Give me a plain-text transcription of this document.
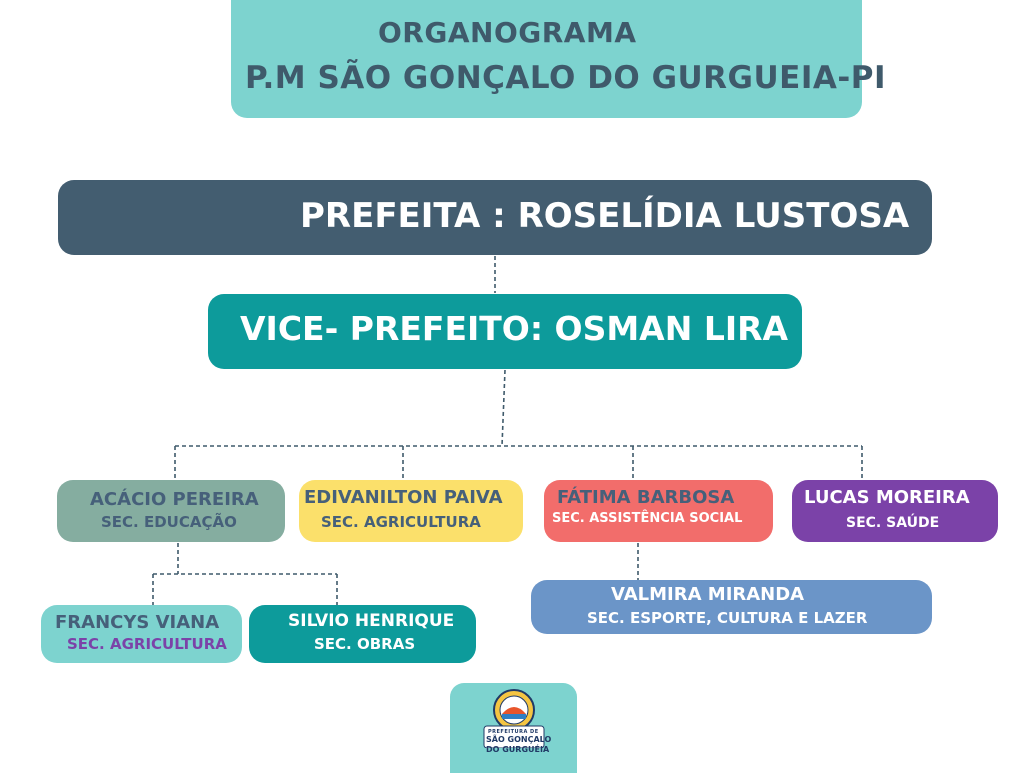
ORGANOGRAMA
P.M SÃO GONÇALO DO GURGUEIA-PI
PREFEITA : ROSELÍDIA LUSTOSA
VICE- PREFEITO: OSMAN LIRA
ACÁCIO PEREIRA
SEC. EDUCAÇÃO
EDIVANILTON PAIVA
SEC. AGRICULTURA
FÁTIMA BARBOSA
SEC. ASSISTÊNCIA SOCIAL
LUCAS MOREIRA
SEC. SAÚDE
FRANCYS VIANA
SEC. AGRICULTURA
SILVIO HENRIQUE
SEC. OBRAS
VALMIRA MIRANDA
SEC. ESPORTE, CULTURA E LAZER
PREFEITURA DE
SÃO GONÇALO
DO GURGUÉIA
